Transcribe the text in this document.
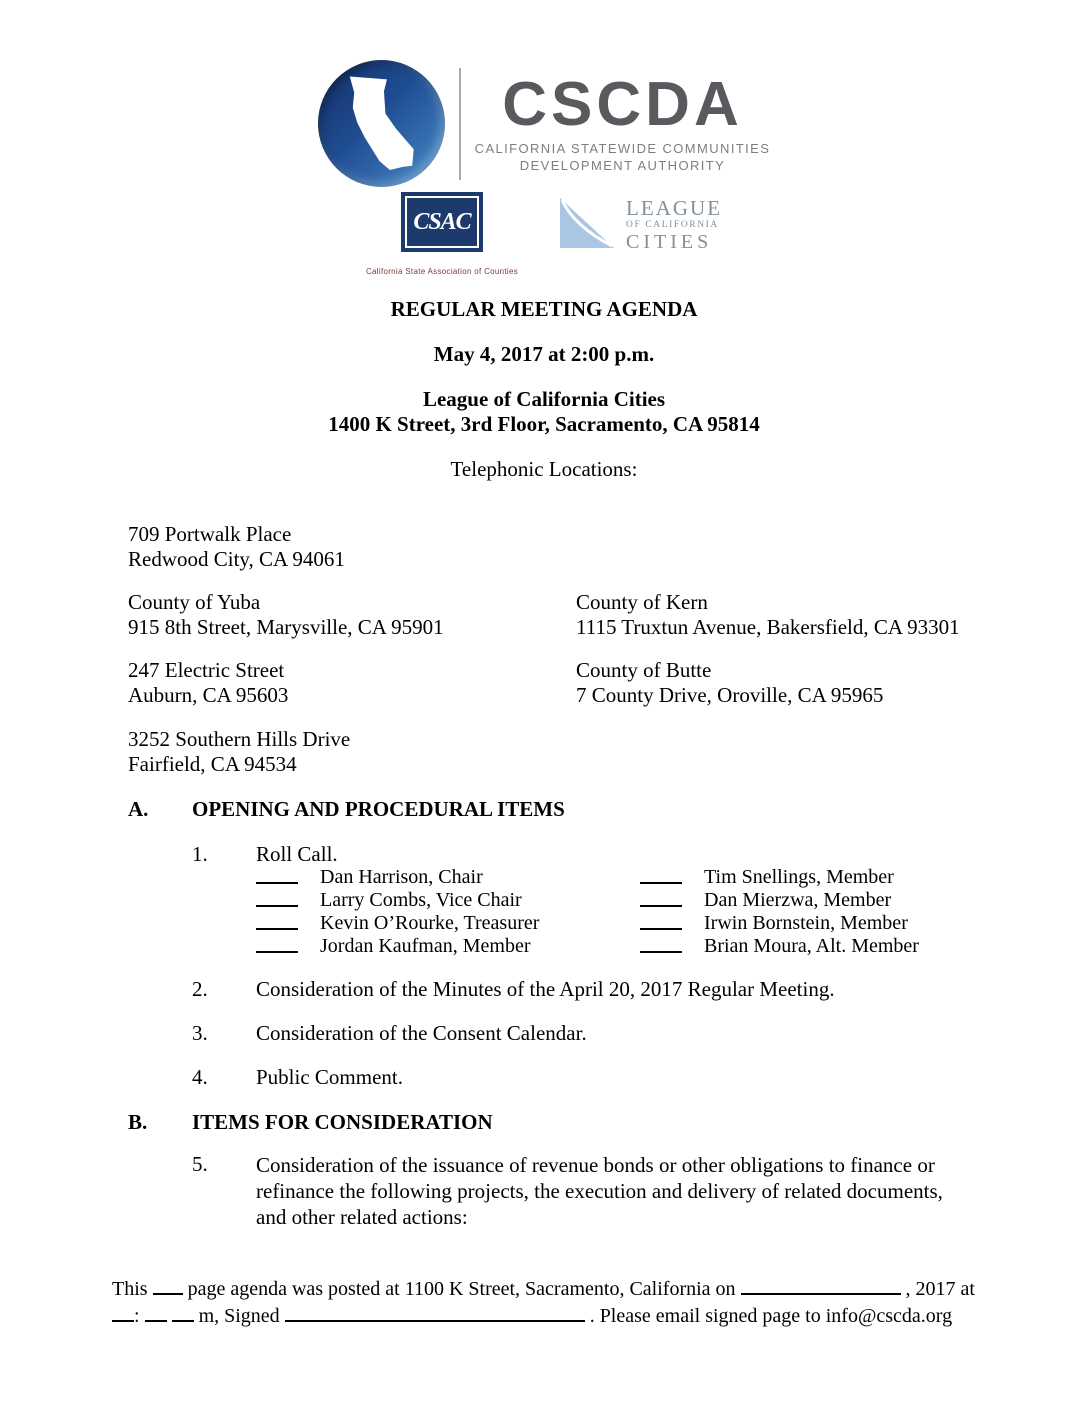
CSCDA
CALIFORNIA STATEWIDE COMMUNITIES
DEVELOPMENT AUTHORITY
CSAC
California State Association of Counties
LEAGUE
OF CALIFORNIA
CITIES
REGULAR MEETING AGENDA
May 4, 2017 at 2:00 p.m.
League of California Cities
1400 K Street, 3rd Floor, Sacramento, CA 95814
Telephonic Locations:
709 Portwalk Place
Redwood City, CA 94061
County of Yuba
915 8th Street, Marysville, CA 95901
County of Kern
1115 Truxtun Avenue, Bakersfield, CA 93301
247 Electric Street
Auburn, CA 95603
County of Butte
7 County Drive, Oroville, CA 95965
3252 Southern Hills Drive
Fairfield, CA 94534
A.	OPENING AND PROCEDURAL ITEMS
1.	Roll Call.
Dan Harrison, Chair	Tim Snellings, Member
Larry Combs, Vice Chair	Dan Mierzwa, Member
Kevin O’Rourke, Treasurer	Irwin Bornstein, Member
Jordan Kaufman, Member	Brian Moura, Alt. Member
2.	Consideration of the Minutes of the April 20, 2017 Regular Meeting.
3.	Consideration of the Consent Calendar.
4.	Public Comment.
B.	ITEMS FOR CONSIDERATION
5.	Consideration of the issuance of revenue bonds or other obligations to finance or refinance the following projects, the execution and delivery of related documents, and other related actions:
This page agenda was posted at 1100 K Street, Sacramento, California on	, 2017 at
:	m, Signed	. Please email signed page to info@cscda.org
